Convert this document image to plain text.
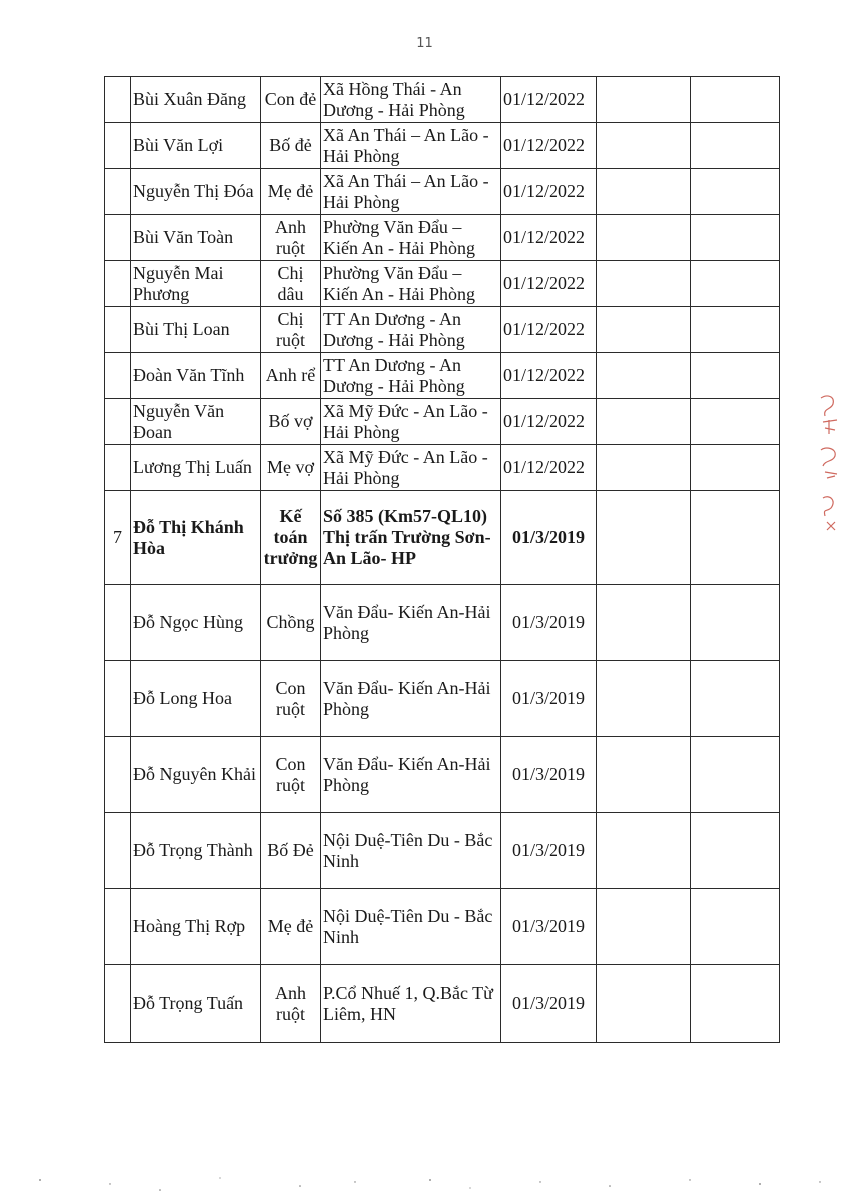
11
	Bùi Xuân Đăng	Con đẻ	Xã Hồng Thái - An Dương - Hải Phòng	01/12/2022		
	Bùi Văn Lợi	Bố đẻ	Xã An Thái – An Lão - Hải Phòng	01/12/2022		
	Nguyễn Thị Đóa	Mẹ đẻ	Xã An Thái – An Lão - Hải Phòng	01/12/2022		
	Bùi Văn Toàn	Anh ruột	Phường Văn Đẩu – Kiến An - Hải Phòng	01/12/2022		
	Nguyễn Mai Phương	Chị dâu	Phường Văn Đẩu – Kiến An - Hải Phòng	01/12/2022		
	Bùi Thị Loan	Chị ruột	TT An Dương - An Dương - Hải Phòng	01/12/2022		
	Đoàn Văn Tĩnh	Anh rể	TT An Dương - An Dương - Hải Phòng	01/12/2022		
	Nguyễn Văn Đoan	Bố vợ	Xã Mỹ Đức - An Lão - Hải Phòng	01/12/2022		
	Lương Thị Luấn	Mẹ vợ	Xã Mỹ Đức - An Lão - Hải Phòng	01/12/2022		
7	Đỗ Thị Khánh Hòa	Kế toán trưởng	Số 385 (Km57-QL10) Thị trấn Trường Sơn- An Lão- HP	01/3/2019		
	Đỗ Ngọc Hùng	Chồng	Văn Đẩu- Kiến An-Hải Phòng	01/3/2019		
	Đỗ Long Hoa	Con ruột	Văn Đẩu- Kiến An-Hải Phòng	01/3/2019		
	Đỗ Nguyên Khải	Con ruột	Văn Đẩu- Kiến An-Hải Phòng	01/3/2019		
	Đỗ Trọng Thành	Bố Đẻ	Nội Duệ-Tiên Du - Bắc Ninh	01/3/2019		
	Hoàng Thị Rợp	Mẹ đẻ	Nội Duệ-Tiên Du - Bắc Ninh	01/3/2019		
	Đỗ Trọng Tuấn	Anh ruột	P.Cổ Nhuế 1, Q.Bắc Từ Liêm, HN	01/3/2019		
